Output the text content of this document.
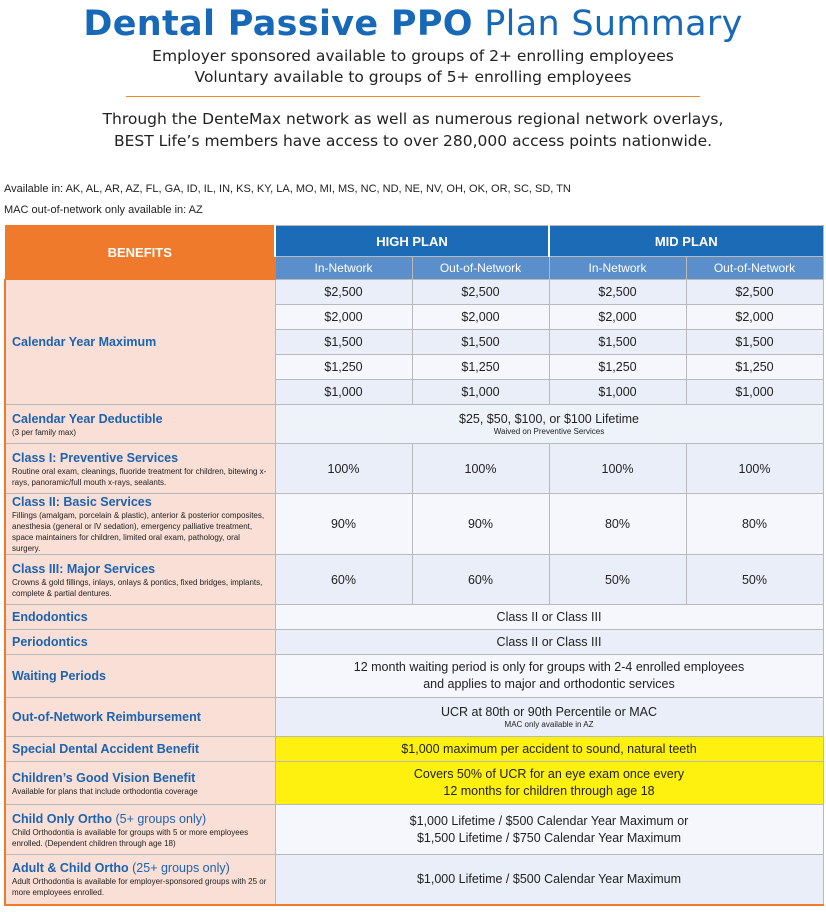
Dental Passive PPO Plan Summary
Employer sponsored available to groups of 2+ enrolling employees
Voluntary available to groups of 5+ enrolling employees
Through the DenteMax network as well as numerous regional network overlays,
BEST Life’s members have access to over 280,000 access points nationwide.
Available in: AK, AL, AR, AZ, FL, GA, ID, IL, IN, KS, KY, LA, MO, MI, MS, NC, ND, NE, NV, OH, OK, OR, SC, SD, TN
MAC out-of-network only available in: AZ
BENEFITS	HIGH PLAN		MID PLAN	
	In-Network	Out-of-Network	In-Network	Out-of-Network

Calendar Year Maximum	$2,500	$2,500	$2,500	$2,500
	$2,000	$2,000	$2,000	$2,000
	$1,500	$1,500	$1,500	$1,500
	$1,250	$1,250	$1,250	$1,250
	$1,000	$1,000	$1,000	$1,000

Calendar Year Deductible
(3 per family max)	$25, $50, $100, or $100 Lifetime
Waived on Preventive Services			

Class I: Preventive Services
Routine oral exam, cleanings, fluoride treatment for children, bitewing x-rays, panoramic/full mouth x-rays, sealants.	100%	100%	100%	100%

Class II: Basic Services
Fillings (amalgam, porcelain & plastic), anterior & posterior composites, anesthesia (general or IV sedation), emergency palliative treatment, space maintainers for children, limited oral exam, pathology, oral surgery.	90%	90%	80%	80%

Class III: Major Services
Crowns & gold fillings, inlays, onlays & pontics, fixed bridges, implants, complete & partial dentures.	60%	60%	50%	50%

Endodontics	Class II or Class III			

Periodontics	Class II or Class III			

Waiting Periods	12 month waiting period is only for groups with 2-4 enrolled employees
and applies to major and orthodontic services			

Out-of-Network Reimbursement	UCR at 80th or 90th Percentile or MAC
MAC only available in AZ			

Special Dental Accident Benefit	$1,000 maximum per accident to sound, natural teeth			

Children’s Good Vision Benefit
Available for plans that include orthodontia coverage	Covers 50% of UCR for an eye exam once every
12 months for children through age 18			

Child Only Ortho (5+ groups only)
Child Orthodontia is available for groups with 5 or more employees enrolled. (Dependent children through age 18)	$1,000 Lifetime / $500 Calendar Year Maximum or
$1,500 Lifetime / $750 Calendar Year Maximum			

Adult & Child Ortho (25+ groups only)
Adult Orthodontia is available for employer-sponsored groups with 25 or more employees enrolled.	$1,000 Lifetime / $500 Calendar Year Maximum			
